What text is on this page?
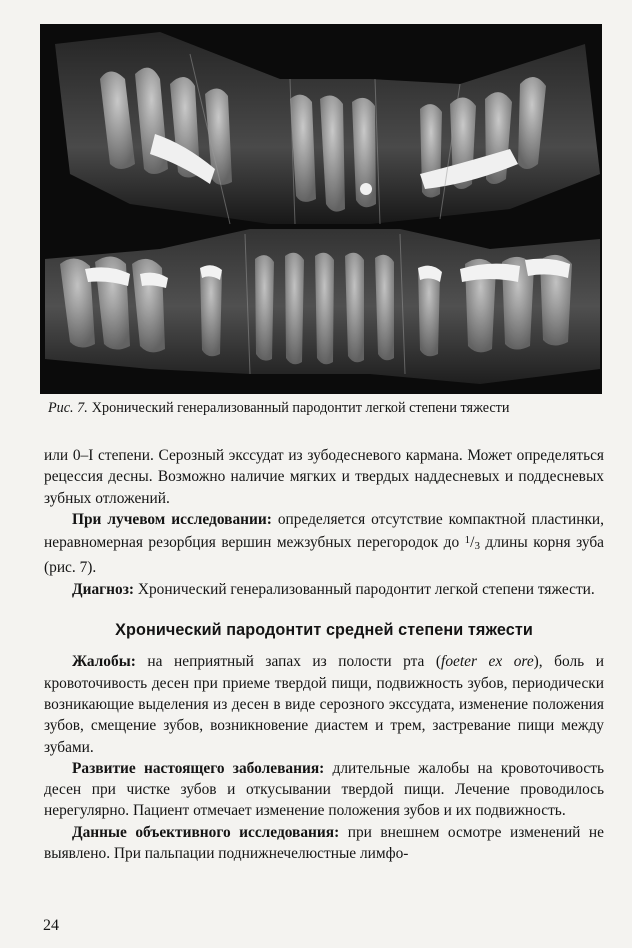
Рис. 7. Хронический генерализованный пародонтит легкой степени тяжести

или 0–I степени. Серозный экссудат из зубодесневого кармана. Может определяться рецессия десны. Возможно наличие мягких и твердых наддесневых и поддесневых зубных отложений.

При лучевом исследовании: определяется отсутствие компактной пластинки, неравномерная резорбция вершин межзубных перегородок до $^1$/3 длины корня зуба (рис. 7).

Диагноз: Хронический генерализованный пародонтит легкой степени тяжести.

Хронический пародонтит средней степени тяжести

Жалобы: на неприятный запах из полости рта (foeter ex ore), боль и кровоточивость десен при приеме твердой пищи, подвижность зубов, периодически возникающие выделения из десен в виде серозного экссудата, изменение положения зубов, смещение зубов, возникновение диастем и трем, застревание пищи между зубами.

Развитие настоящего заболевания: длительные жалобы на кровоточивость десен при чистке зубов и откусывании твердой пищи. Лечение проводилось нерегулярно. Пациент отмечает изменение положения зубов и их подвижность.

Данные объективного исследования: при внешнем осмотре изменений не выявлено. При пальпации поднижнечелюстные лимфо-

24
